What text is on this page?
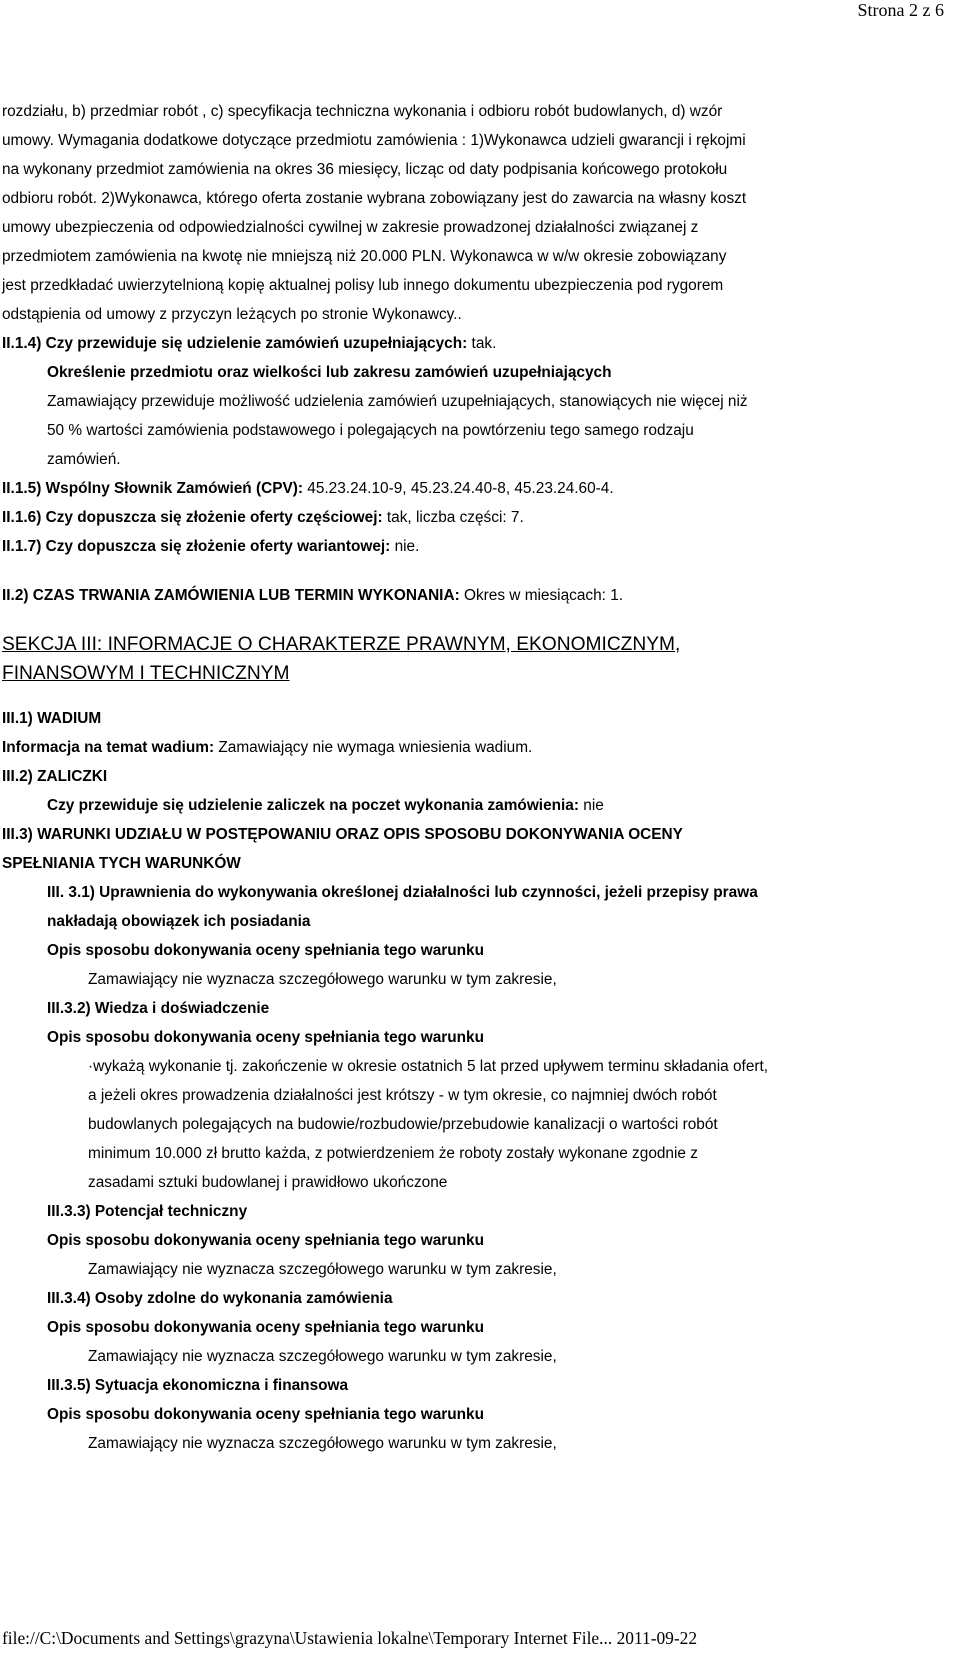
Strona 2 z 6
rozdziału, b) przedmiar robót , c) specyfikacja techniczna wykonania i odbioru robót budowlanych, d) wzór
umowy. Wymagania dodatkowe dotyczące przedmiotu zamówienia : 1)Wykonawca udzieli gwarancji i rękojmi
na wykonany przedmiot zamówienia na okres 36 miesięcy, licząc od daty podpisania końcowego protokołu
odbioru robót. 2)Wykonawca, którego oferta zostanie wybrana zobowiązany jest do zawarcia na własny koszt
umowy ubezpieczenia od odpowiedzialności cywilnej w zakresie prowadzonej działalności związanej z
przedmiotem zamówienia na kwotę nie mniejszą niż 20.000 PLN. Wykonawca w w/w okresie zobowiązany
jest przedkładać uwierzytelnioną kopię aktualnej polisy lub innego dokumentu ubezpieczenia pod rygorem
odstąpienia od umowy z przyczyn leżących po stronie Wykonawcy..
II.1.4) Czy przewiduje się udzielenie zamówień uzupełniających: tak.
Określenie przedmiotu oraz wielkości lub zakresu zamówień uzupełniających
Zamawiający przewiduje możliwość udzielenia zamówień uzupełniających, stanowiących nie więcej niż
50 % wartości zamówienia podstawowego i polegających na powtórzeniu tego samego rodzaju
zamówień.
II.1.5) Wspólny Słownik Zamówień (CPV): 45.23.24.10-9, 45.23.24.40-8, 45.23.24.60-4.
II.1.6) Czy dopuszcza się złożenie oferty częściowej: tak, liczba części: 7.
II.1.7) Czy dopuszcza się złożenie oferty wariantowej: nie.
II.2) CZAS TRWANIA ZAMÓWIENIA LUB TERMIN WYKONANIA: Okres w miesiącach: 1.
SEKCJA III: INFORMACJE O CHARAKTERZE PRAWNYM, EKONOMICZNYM,
FINANSOWYM I TECHNICZNYM
III.1) WADIUM
Informacja na temat wadium: Zamawiający nie wymaga wniesienia wadium.
III.2) ZALICZKI
Czy przewiduje się udzielenie zaliczek na poczet wykonania zamówienia: nie
III.3) WARUNKI UDZIAŁU W POSTĘPOWANIU ORAZ OPIS SPOSOBU DOKONYWANIA OCENY
SPEŁNIANIA TYCH WARUNKÓW
III. 3.1) Uprawnienia do wykonywania określonej działalności lub czynności, jeżeli przepisy prawa
nakładają obowiązek ich posiadania
Opis sposobu dokonywania oceny spełniania tego warunku
Zamawiający nie wyznacza szczegółowego warunku w tym zakresie,
III.3.2) Wiedza i doświadczenie
Opis sposobu dokonywania oceny spełniania tego warunku
·wykażą wykonanie tj. zakończenie w okresie ostatnich 5 lat przed upływem terminu składania ofert,
a jeżeli okres prowadzenia działalności jest krótszy - w tym okresie, co najmniej dwóch robót
budowlanych polegających na budowie/rozbudowie/przebudowie kanalizacji o wartości robót
minimum 10.000 zł brutto każda, z potwierdzeniem że roboty zostały wykonane zgodnie z
zasadami sztuki budowlanej i prawidłowo ukończone
III.3.3) Potencjał techniczny
Opis sposobu dokonywania oceny spełniania tego warunku
Zamawiający nie wyznacza szczegółowego warunku w tym zakresie,
III.3.4) Osoby zdolne do wykonania zamówienia
Opis sposobu dokonywania oceny spełniania tego warunku
Zamawiający nie wyznacza szczegółowego warunku w tym zakresie,
III.3.5) Sytuacja ekonomiczna i finansowa
Opis sposobu dokonywania oceny spełniania tego warunku
Zamawiający nie wyznacza szczegółowego warunku w tym zakresie,
file://C:\Documents and Settings\grazyna\Ustawienia lokalne\Temporary Internet File... 2011-09-22
